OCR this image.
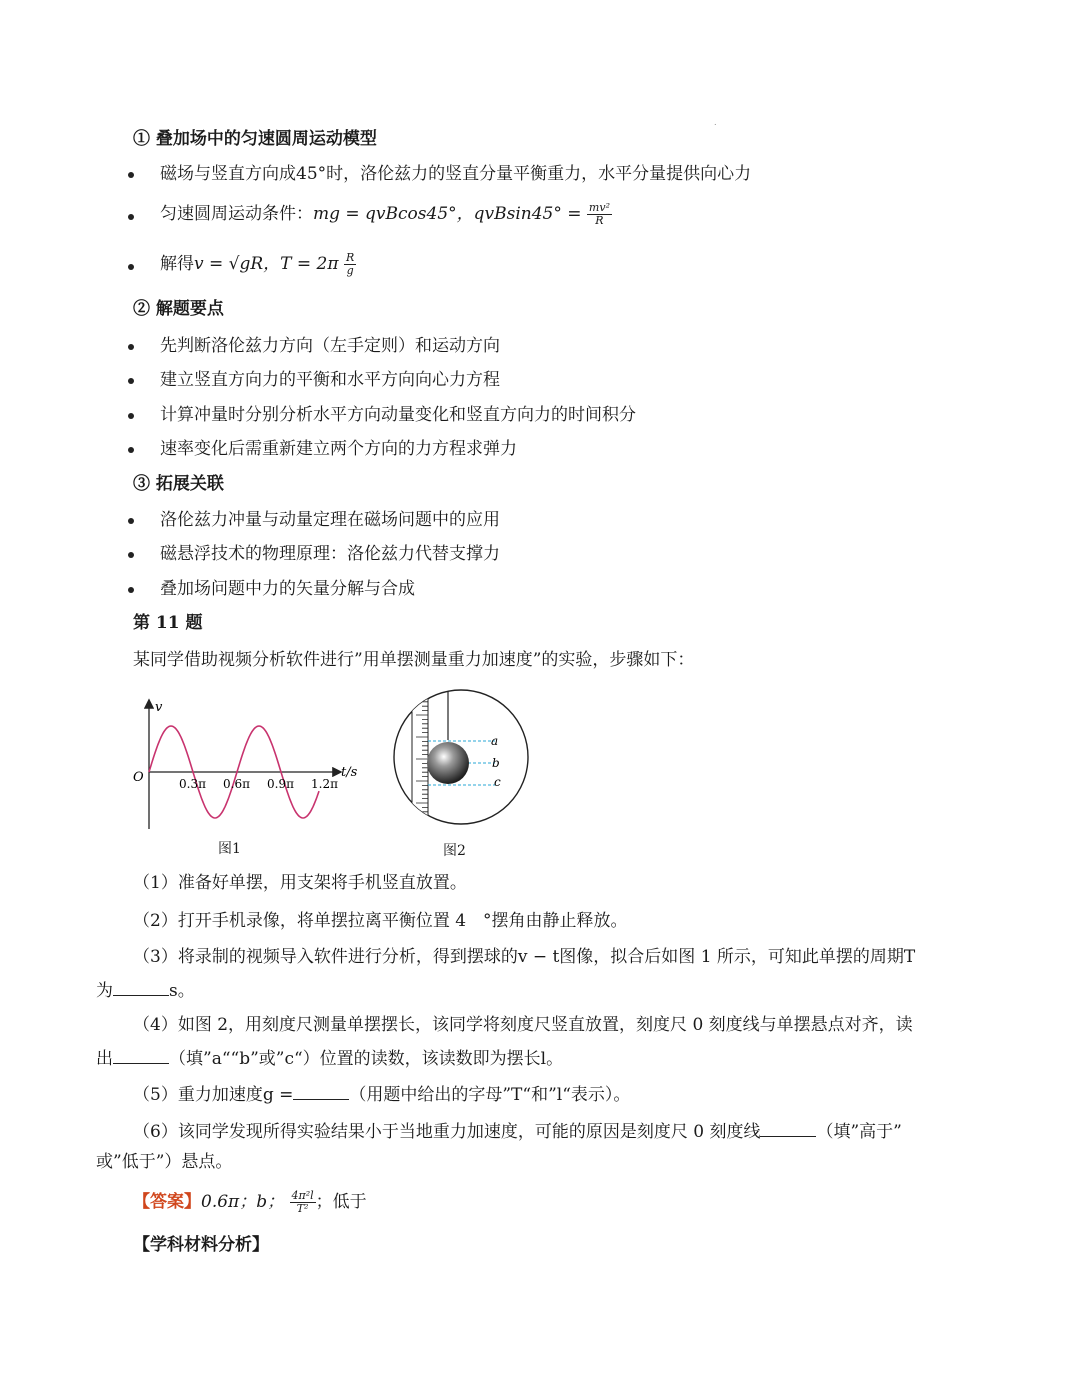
.
① 叠加场中的匀速圆周运动模型
磁场与竖直方向成45°时，洛伦兹力的竖直分量平衡重力，水平分量提供向心力
匀速圆周运动条件：mg = qvBcos45°，$qvBsin45^\circ = \frac{\text{mv²}}{R}$
解得v = √gR，$T = 2\pi \frac{R}{g}$
② 解题要点
先判断洛伦兹力方向（左手定则）和运动方向
建立竖直方向力的平衡和水平方向向心力方程
计算冲量时分别分析水平方向动量变化和竖直方向力的时间积分
速率变化后需重新建立两个方向的力方程求弹力
③ 拓展关联
洛伦兹力冲量与动量定理在磁场问题中的应用
磁悬浮技术的物理原理：洛伦兹力代替支撑力
叠加场问题中力的矢量分解与合成
第 11 题
某同学借助视频分析软件进行”用单摆测量重力加速度”的实验，步骤如下：
v
t/s
O	0.3π 0.6π 0.9π 1.2π
图1
a
b
c
图2
（1）准备好单摆，用支架将手机竖直放置。
（2）打开手机录像，将单摆拉离平衡位置 4　°摆角由静止释放。
（3）将录制的视频导入软件进行分析，得到摆球的v − t图像，拟合后如图 1 所示，可知此单摆的周期T
为	s。
（4）如图 2，用刻度尺测量单摆摆长，该同学将刻度尺竖直放置，刻度尺 0 刻度线与单摆悬点对齐，读
出	（填”a““b”或”c“）位置的读数，该读数即为摆长l。
（5）重力加速度g =	（用题中给出的字母”T“和”l“表示）。
（6）该同学发现所得实验结果小于当地重力加速度，可能的原因是刻度尺 0 刻度线	（填”高于”
或”低于”）悬点。
【答案】0.6π；b； $\frac{\text{4π²l}}{\text{T²}}$ ；低于
【学科材料分析】
